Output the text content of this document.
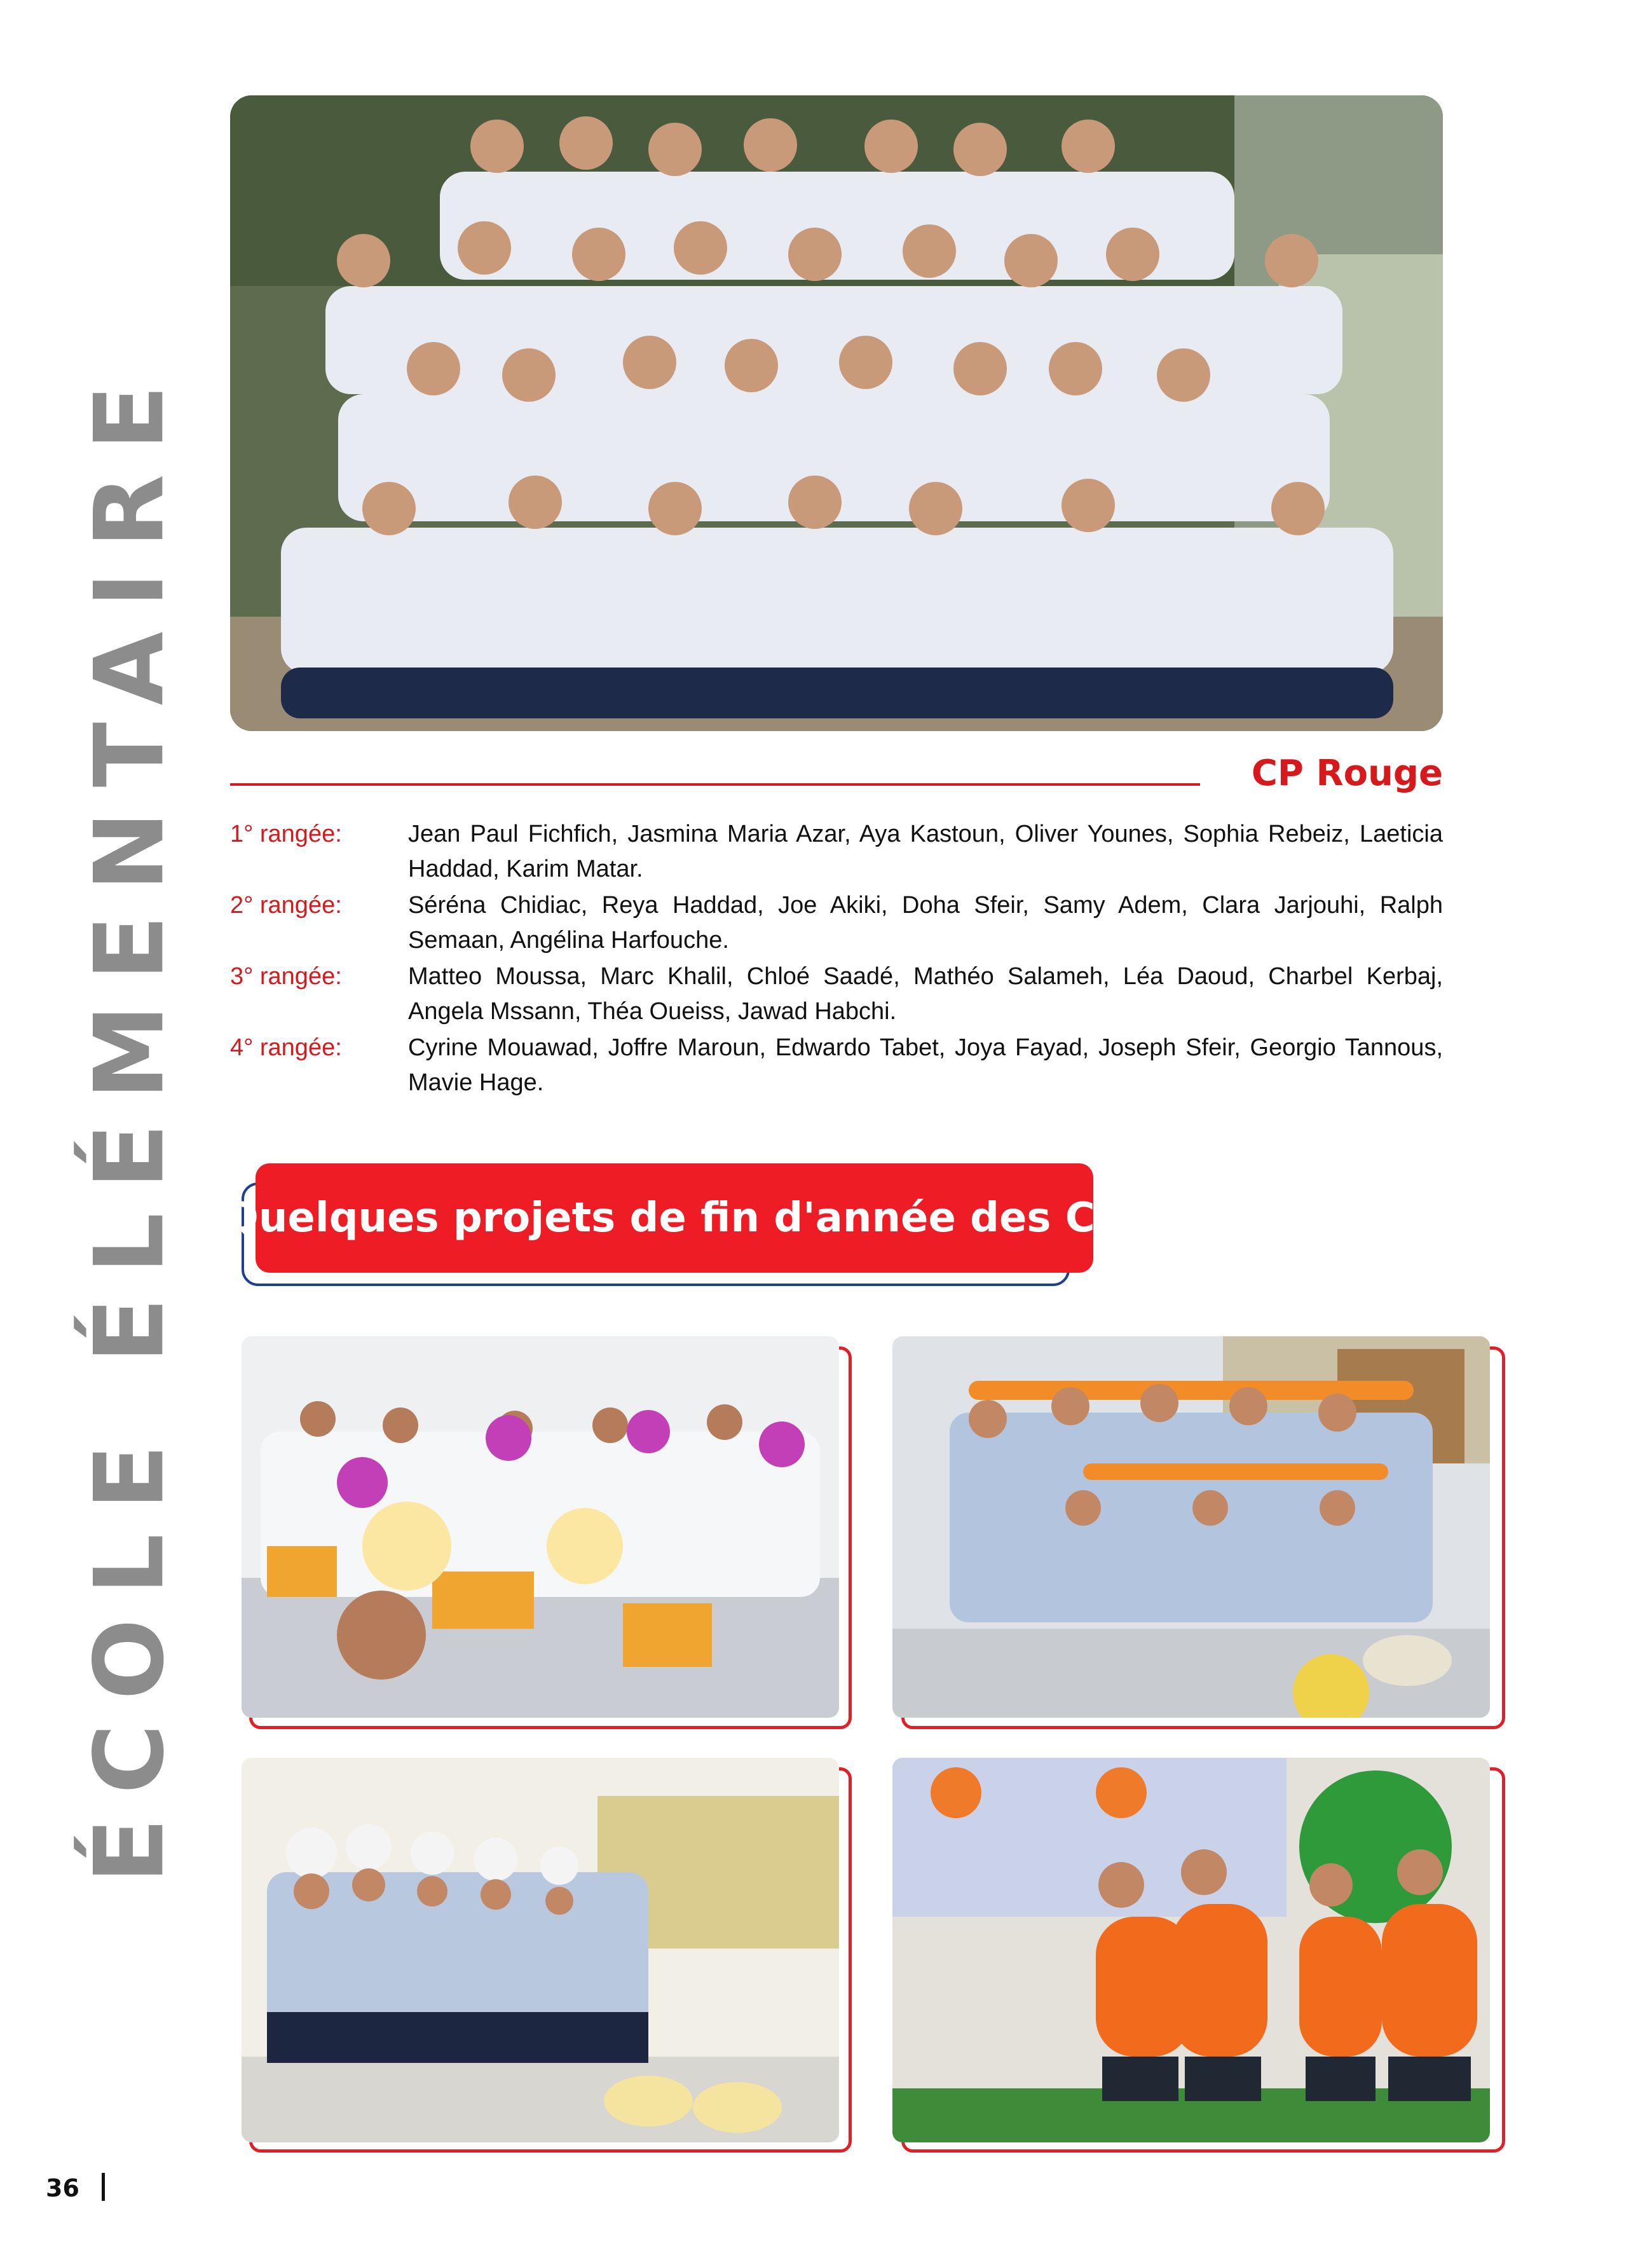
ÉCOLE ÉLÉMENTAIRE	CP Rouge
1° rangée:	Jean Paul Fichfich, Jasmina Maria Azar, Aya Kastoun, Oliver Younes, Sophia Rebeiz, Laeticia Haddad, Karim Matar.
2° rangée:	Séréna Chidiac, Reya Haddad, Joe Akiki, Doha Sfeir, Samy Adem, Clara Jarjouhi, Ralph Semaan, Angélina Harfouche.
3° rangée:	Matteo Moussa, Marc Khalil, Chloé Saadé, Mathéo Salameh, Léa Daoud, Charbel Kerbaj, Angela Mssann, Théa Oueiss, Jawad Habchi.
4° rangée:	Cyrine Mouawad, Joffre Maroun, Edwardo Tabet, Joya Fayad, Joseph Sfeir, Georgio Tannous, Mavie Hage.
Quelques projets de fin d'année des CP
36
